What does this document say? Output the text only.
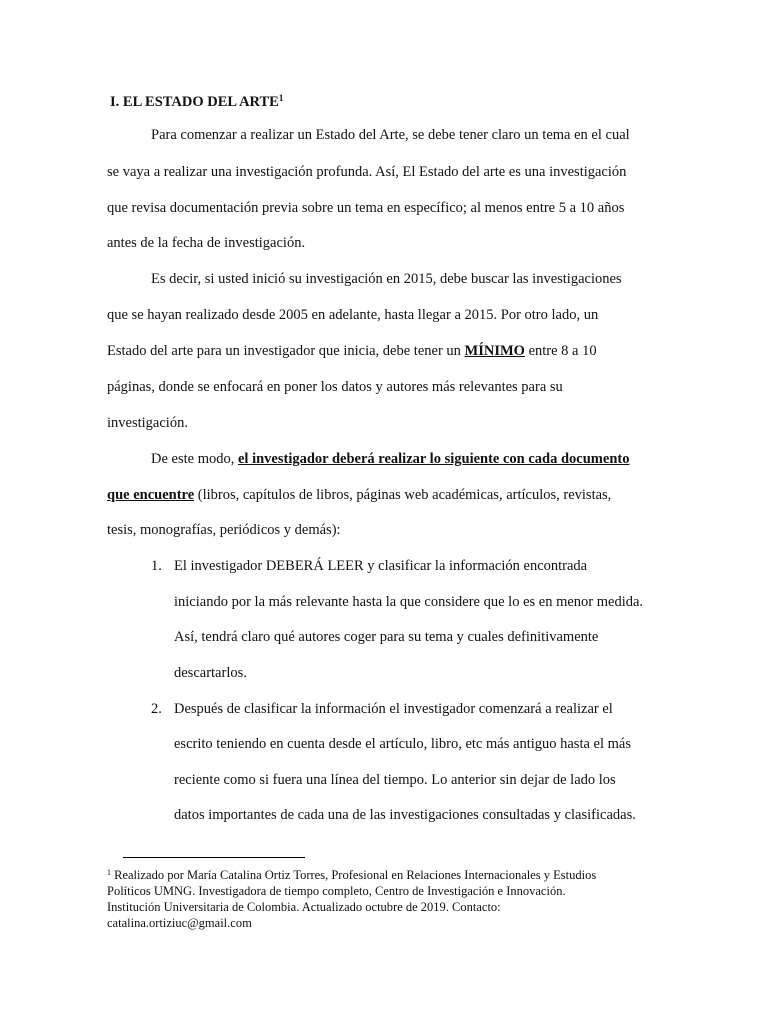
I. EL ESTADO DEL ARTE$^1$
Para comenzar a realizar un Estado del Arte, se debe tener claro un tema en el cual
se vaya a realizar una investigación profunda. Así, El Estado del arte es una investigación
que revisa documentación previa sobre un tema en específico; al menos entre 5 a 10 años
antes de la fecha de investigación.
Es decir, si usted inició su investigación en 2015, debe buscar las investigaciones
que se hayan realizado desde 2005 en adelante, hasta llegar a 2015. Por otro lado, un
Estado del arte para un investigador que inicia, debe tener un MÍNIMO entre 8 a 10
páginas, donde se enfocará en poner los datos y autores más relevantes para su
investigación.
De este modo, el investigador deberá realizar lo siguiente con cada documento
que encuentre (libros, capítulos de libros, páginas web académicas, artículos, revistas,
tesis, monografías, periódicos y demás):
1. El investigador DEBERÁ LEER y clasificar la información encontrada
iniciando por la más relevante hasta la que considere que lo es en menor medida.
Así, tendrá claro qué autores coger para su tema y cuales definitivamente
descartarlos.
2. Después de clasificar la información el investigador comenzará a realizar el
escrito teniendo en cuenta desde el artículo, libro, etc más antiguo hasta el más
reciente como si fuera una línea del tiempo. Lo anterior sin dejar de lado los
datos importantes de cada una de las investigaciones consultadas y clasificadas.
$^1$ Realizado por María Catalina Ortiz Torres, Profesional en Relaciones Internacionales y Estudios
Políticos UMNG. Investigadora de tiempo completo, Centro de Investigación e Innovación.
Institución Universitaria de Colombia. Actualizado octubre de 2019. Contacto:
catalina.ortiziuc@gmail.com
